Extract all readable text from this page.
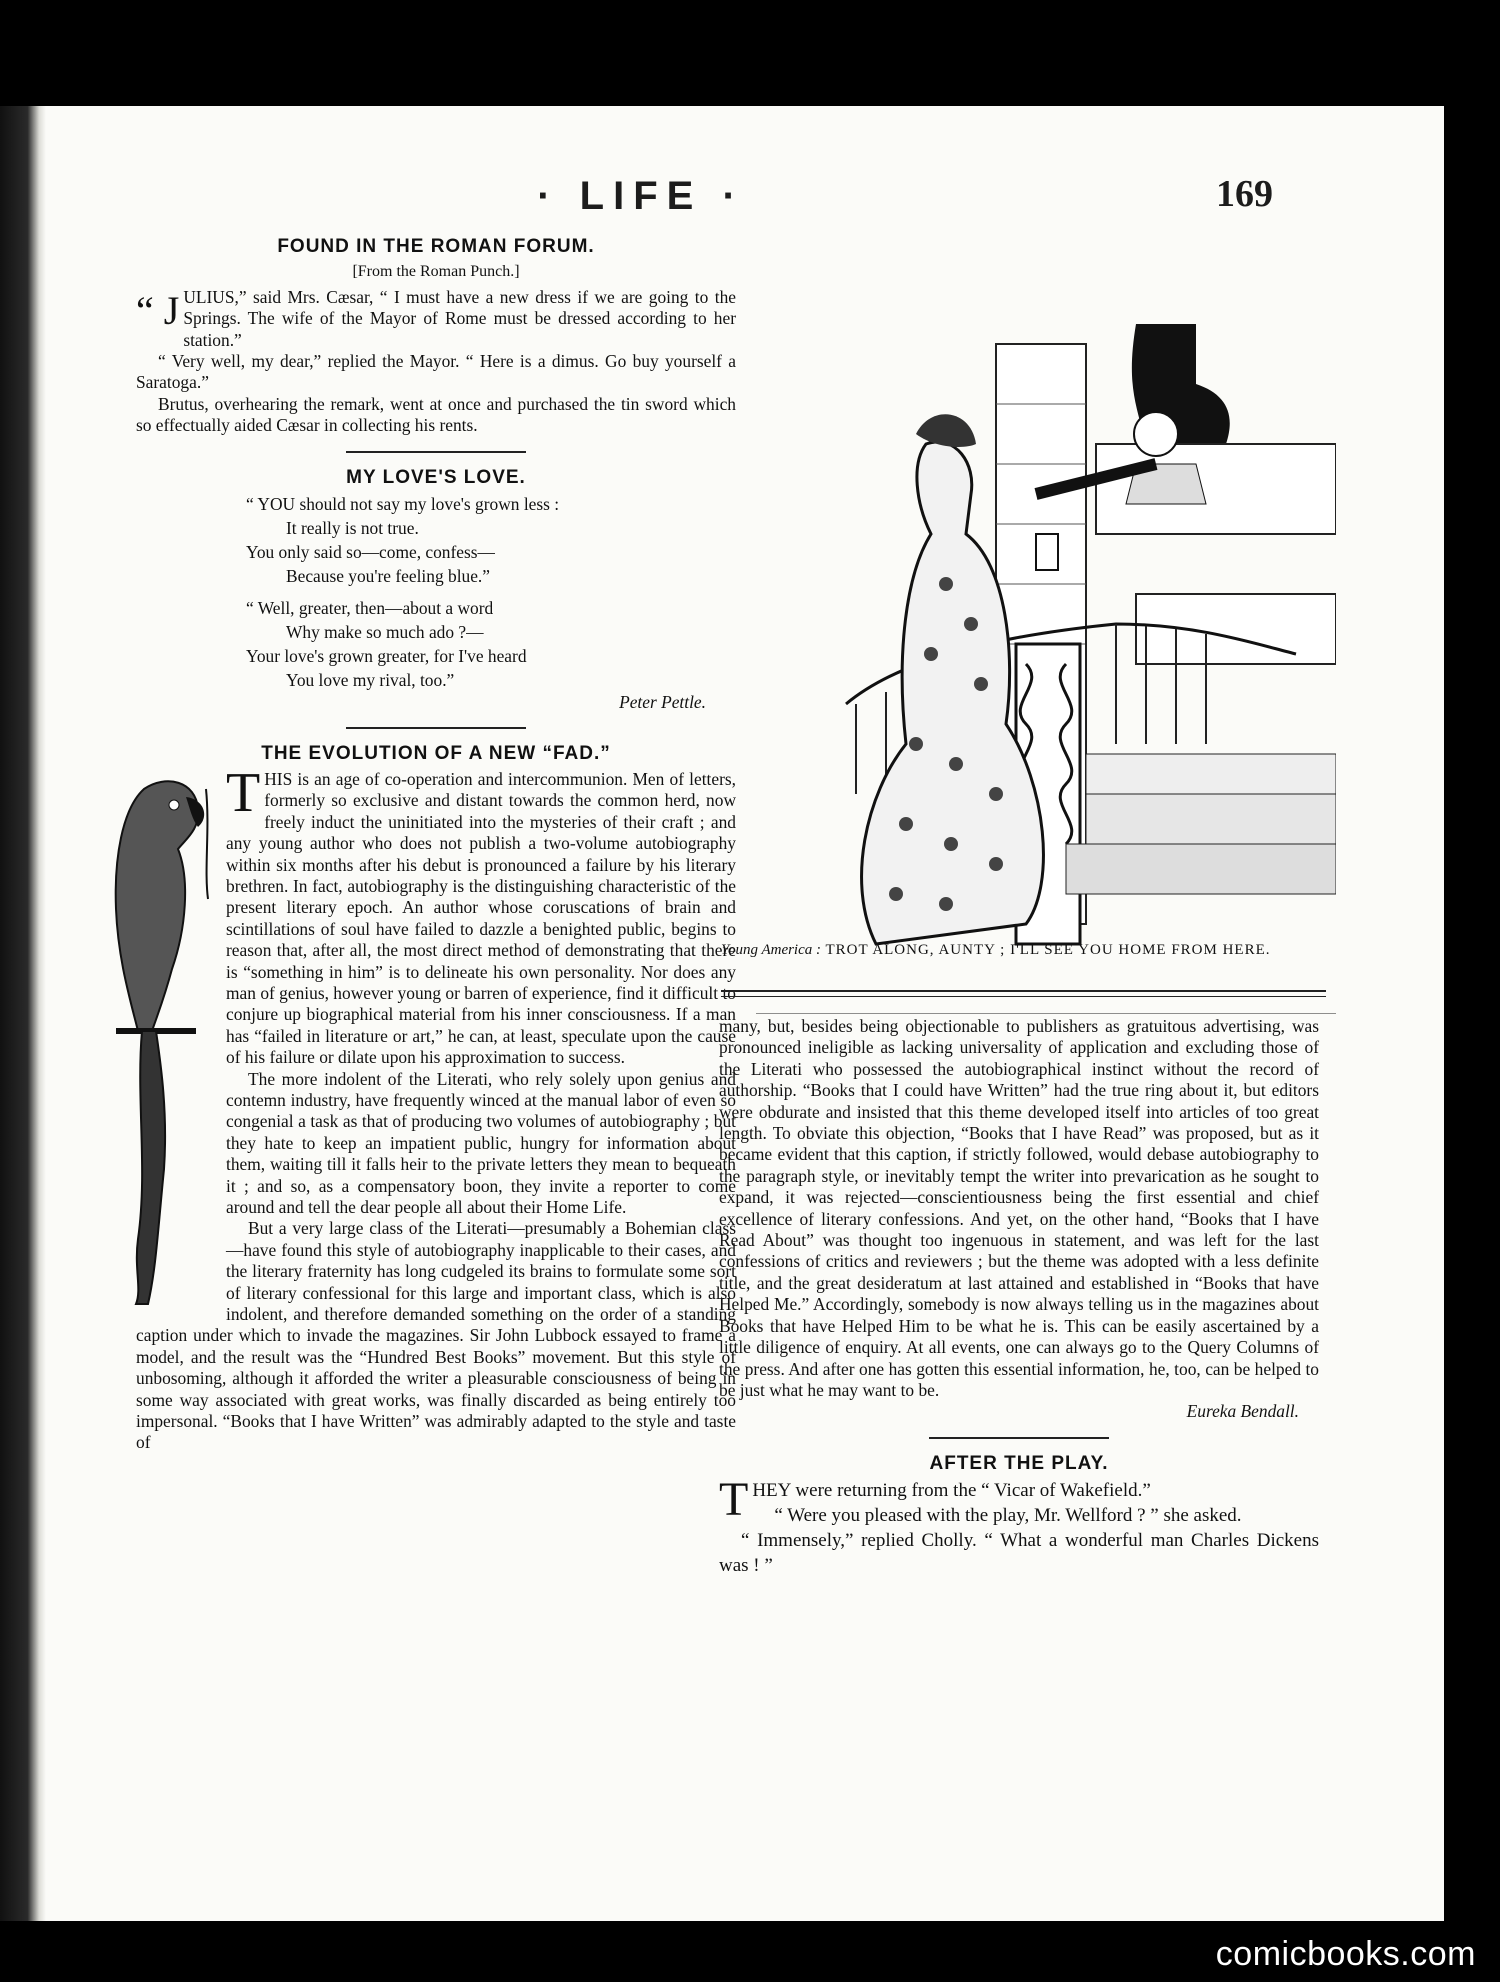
· LIFE ·	169
FOUND IN THE ROMAN FORUM.
[From the Roman Punch.]

“ J ULIUS,” said Mrs. Cæsar, “ I must have a new dress if we are going to the Springs. The wife of the Mayor of Rome must be dressed according to her station.”

“ Very well, my dear,” replied the Mayor. “ Here is a dimus. Go buy yourself a Saratoga.”

Brutus, overhearing the remark, went at once and purchased the tin sword which so effectually aided Cæsar in collecting his rents.

MY LOVE'S LOVE.
“ YOU should not say my love's grown less :
It really is not true.
You only said so—come, confess—
Because you're feeling blue.”
“ Well, greater, then—about a word
Why make so much ado ?—
Your love's grown greater, for I've heard
You love my rival, too.”
Peter Pettle.
THE EVOLUTION OF A NEW “FAD.”

THIS is an age of co-operation and intercommunion. Men of letters, formerly so exclusive and distant towards the common herd, now freely induct the uninitiated into the mysteries of their craft ; and any young author who does not publish a two-volume autobiography within six months after his debut is pronounced a failure by his literary brethren. In fact, autobiography is the distinguishing characteristic of the present literary epoch. An author whose coruscations of brain and scintillations of soul have failed to dazzle a benighted public, begins to reason that, after all, the most direct method of demonstrating that there is “something in him” is to delineate his own personality. Nor does any man of genius, however young or barren of experience, find it difficult to conjure up biographical material from his inner consciousness. If a man has “failed in literature or art,” he can, at least, speculate upon the cause of his failure or dilate upon his approximation to success.

The more indolent of the Literati, who rely solely upon genius and contemn industry, have frequently winced at the manual labor of even so congenial a task as that of producing two volumes of autobiography ; but they hate to keep an impatient public, hungry for information about them, waiting till it falls heir to the private letters they mean to bequeath it ; and so, as a compensatory boon, they invite a reporter to come around and tell the dear people all about their Home Life.

But a very large class of the Literati—presumably a Bohemian class—have found this style of autobiography inapplicable to their cases, and the literary fraternity has long cudgeled its brains to formulate some sort of literary confessional for this large and important class, which is also indolent, and therefore demanded something on the order of a standing caption under which to invade the magazines. Sir John Lubbock essayed to frame a model, and the result was the “Hundred Best Books” movement. But this style of unbosoming, although it afforded the writer a pleasurable consciousness of being in some way associated with great works, was finally discarded as being entirely too impersonal. “Books that I have Written” was admirably adapted to the style and taste of

Young America : TROT ALONG, AUNTY ; I'LL SEE YOU HOME FROM HERE.

many, but, besides being objectionable to publishers as gratuitous advertising, was pronounced ineligible as lacking universality of application and excluding those of the Literati who possessed the autobiographical instinct without the record of authorship. “Books that I could have Written” had the true ring about it, but editors were obdurate and insisted that this theme developed itself into articles of too great length. To obviate this objection, “Books that I have Read” was proposed, but as it became evident that this caption, if strictly followed, would debase autobiography to the paragraph style, or inevitably tempt the writer into prevarication as he sought to expand, it was rejected—conscientiousness being the first essential and chief excellence of literary confessions. And yet, on the other hand, “Books that I have Read About” was thought too ingenuous in statement, and was left for the last confessions of critics and reviewers ; but the theme was adopted with a less definite title, and the great desideratum at last attained and established in “Books that have Helped Me.” Accordingly, somebody is now always telling us in the magazines about Books that have Helped Him to be what he is. This can be easily ascertained by a little diligence of enquiry. At all events, one can always go to the Query Columns of the press. And after one has gotten this essential information, he, too, can be helped to be just what he may want to be.

Eureka Bendall.
AFTER THE PLAY.

THEY were returning from the “ Vicar of Wakefield.”

“ Were you pleased with the play, Mr. Wellford ? ” she asked.

“ Immensely,” replied Cholly. “ What a wonderful man Charles Dickens was ! ”

comicbooks.com
